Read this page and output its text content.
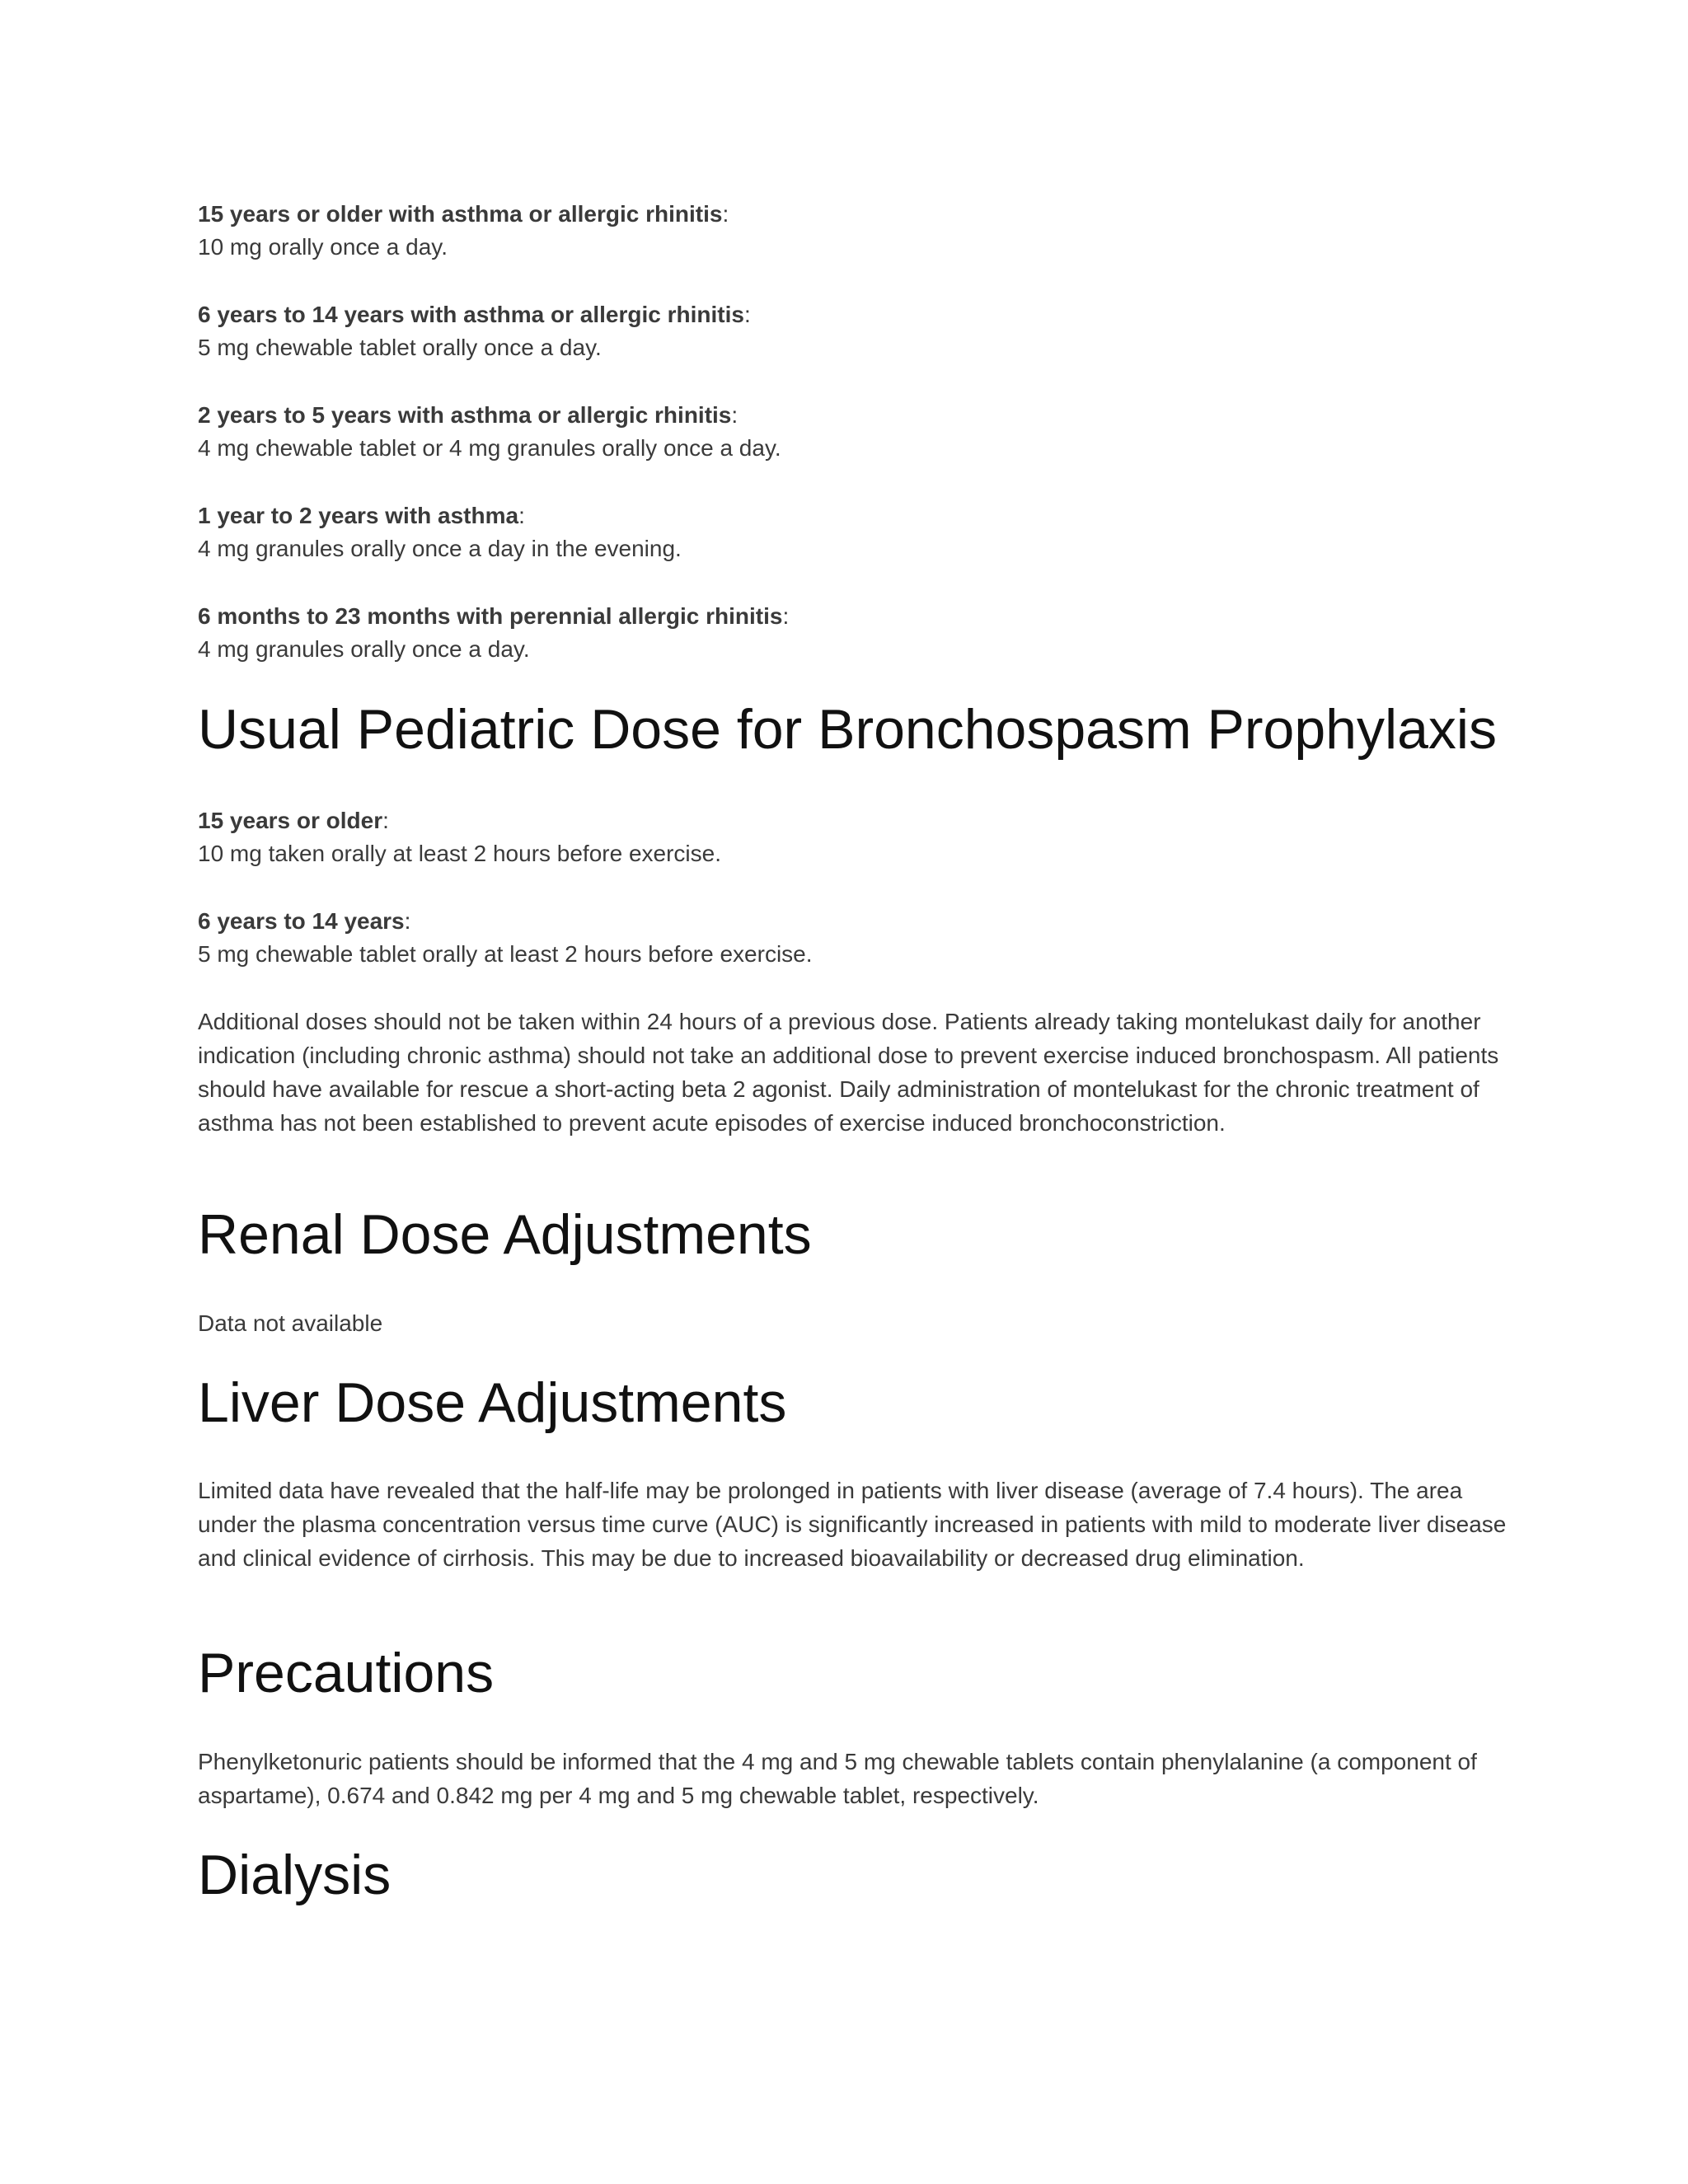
15 years or older with asthma or allergic rhinitis:
10 mg orally once a day.
6 years to 14 years with asthma or allergic rhinitis:
5 mg chewable tablet orally once a day.
2 years to 5 years with asthma or allergic rhinitis:
4 mg chewable tablet or 4 mg granules orally once a day.
1 year to 2 years with asthma:
4 mg granules orally once a day in the evening.
6 months to 23 months with perennial allergic rhinitis:
4 mg granules orally once a day.
Usual Pediatric Dose for Bronchospasm Prophylaxis
15 years or older:
10 mg taken orally at least 2 hours before exercise.
6 years to 14 years:
5 mg chewable tablet orally at least 2 hours before exercise.

Additional doses should not be taken within 24 hours of a previous dose. Patients already taking montelukast daily for another indication (including chronic asthma) should not take an additional dose to prevent exercise induced bronchospasm. All patients should have available for rescue a short-acting beta 2 agonist. Daily administration of montelukast for the chronic treatment of asthma has not been established to prevent acute episodes of exercise induced bronchoconstriction.

Renal Dose Adjustments

Data not available

Liver Dose Adjustments

Limited data have revealed that the half-life may be prolonged in patients with liver disease (average of 7.4 hours). The area under the plasma concentration versus time curve (AUC) is significantly increased in patients with mild to moderate liver disease and clinical evidence of cirrhosis. This may be due to increased bioavailability or decreased drug elimination.

Precautions

Phenylketonuric patients should be informed that the 4 mg and 5 mg chewable tablets contain phenylalanine (a component of aspartame), 0.674 and 0.842 mg per 4 mg and 5 mg chewable tablet, respectively.

Dialysis
